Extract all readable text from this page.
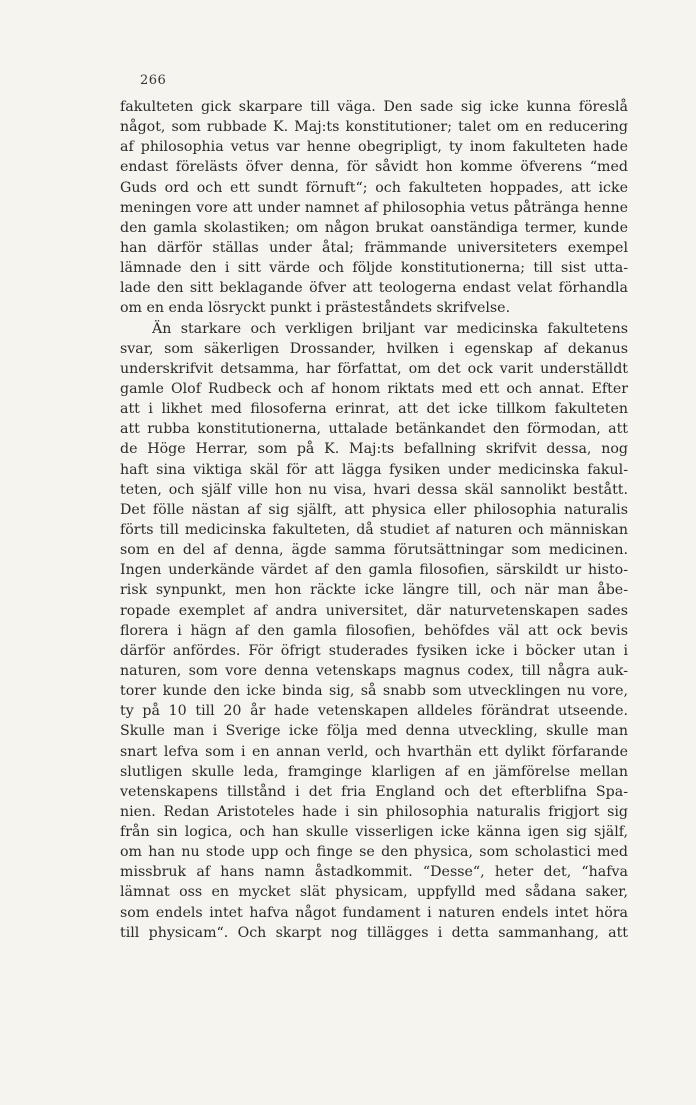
266
fakulteten gick skarpare till väga. Den sade sig icke kunna föreslå
något, som rubbade K. Maj:ts konstitutioner; talet om en reducering
af philosophia vetus var henne obegripligt, ty inom fakulteten hade
endast förelästs öfver denna, för såvidt hon komme öfverens “med
Guds ord och ett sundt förnuft“; och fakulteten hoppades, att icke
meningen vore att under namnet af philosophia vetus påtränga henne
den gamla skolastiken; om någon brukat oanständiga termer, kunde
han därför ställas under åtal; främmande universiteters exempel
lämnade den i sitt värde och följde konstitutionerna; till sist utta-
lade den sitt beklagande öfver att teologerna endast velat förhandla
om en enda lösryckt punkt i prästeståndets skrifvelse.
Än starkare och verkligen briljant var medicinska fakultetens
svar, som säkerligen Drossander, hvilken i egenskap af dekanus
underskrifvit detsamma, har författat, om det ock varit underställdt
gamle Olof Rudbeck och af honom riktats med ett och annat. Efter
att i likhet med filosoferna erinrat, att det icke tillkom fakulteten
att rubba konstitutionerna, uttalade betänkandet den förmodan, att
de Höge Herrar, som på K. Maj:ts befallning skrifvit dessa, nog
haft sina viktiga skäl för att lägga fysiken under medicinska fakul-
teten, och själf ville hon nu visa, hvari dessa skäl sannolikt bestått.
Det fölle nästan af sig själft, att physica eller philosophia naturalis
förts till medicinska fakulteten, då studiet af naturen och människan
som en del af denna, ägde samma förutsättningar som medicinen.
Ingen underkände värdet af den gamla filosofien, särskildt ur histo-
risk synpunkt, men hon räckte icke längre till, och när man åbe-
ropade exemplet af andra universitet, där naturvetenskapen sades
florera i hägn af den gamla filosofien, behöfdes väl att ock bevis
därför anfördes. För öfrigt studerades fysiken icke i böcker utan i
naturen, som vore denna vetenskaps magnus codex, till några auk-
torer kunde den icke binda sig, så snabb som utvecklingen nu vore,
ty på 10 till 20 år hade vetenskapen alldeles förändrat utseende.
Skulle man i Sverige icke följa med denna utveckling, skulle man
snart lefva som i en annan verld, och hvarthän ett dylikt förfarande
slutligen skulle leda, framginge klarligen af en jämförelse mellan
vetenskapens tillstånd i det fria England och det efterblifna Spa-
nien. Redan Aristoteles hade i sin philosophia naturalis frigjort sig
från sin logica, och han skulle visserligen icke känna igen sig själf,
om han nu stode upp och finge se den physica, som scholastici med
missbruk af hans namn åstadkommit. “Desse“, heter det, “hafva
lämnat oss en mycket slät physicam, uppfylld med sådana saker,
som endels intet hafva något fundament i naturen endels intet höra
till physicam“. Och skarpt nog tillägges i detta sammanhang, att
